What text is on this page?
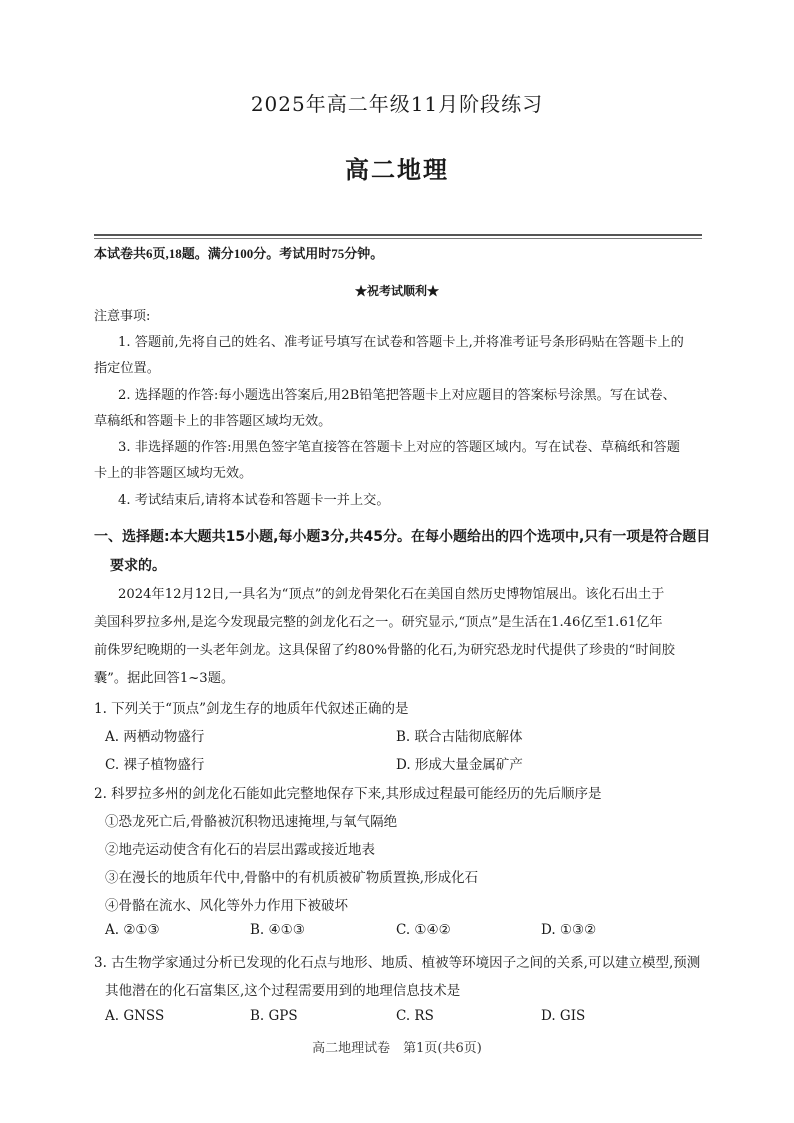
2025年高二年级11月阶段练习
高二地理
本试卷共6页,18题。满分100分。考试用时75分钟。
★祝考试顺利★
注意事项:
1. 答题前,先将自己的姓名、准考证号填写在试卷和答题卡上,并将准考证号条形码贴在答题卡上的
指定位置。
2. 选择题的作答:每小题选出答案后,用2B铅笔把答题卡上对应题目的答案标号涂黑。写在试卷、
草稿纸和答题卡上的非答题区域均无效。
3. 非选择题的作答:用黑色签字笔直接答在答题卡上对应的答题区域内。写在试卷、草稿纸和答题
卡上的非答题区域均无效。
4. 考试结束后,请将本试卷和答题卡一并上交。
一、选择题:本大题共15小题,每小题3分,共45分。在每小题给出的四个选项中,只有一项是符合题目
要求的。
2024年12月12日,一具名为“顶点”的剑龙骨架化石在美国自然历史博物馆展出。该化石出土于
美国科罗拉多州,是迄今发现最完整的剑龙化石之一。研究显示,“顶点”是生活在1.46亿至1.61亿年
前侏罗纪晚期的一头老年剑龙。这具保留了约80%骨骼的化石,为研究恐龙时代提供了珍贵的“时间胶
囊”。据此回答1~3题。
1. 下列关于“顶点”剑龙生存的地质年代叙述正确的是
A. 两栖动物盛行	B. 联合古陆彻底解体
C. 裸子植物盛行	D. 形成大量金属矿产
2. 科罗拉多州的剑龙化石能如此完整地保存下来,其形成过程最可能经历的先后顺序是
①恐龙死亡后,骨骼被沉积物迅速掩埋,与氧气隔绝
②地壳运动使含有化石的岩层出露或接近地表
③在漫长的地质年代中,骨骼中的有机质被矿物质置换,形成化石
④骨骼在流水、风化等外力作用下被破坏
A. ②①③	B. ④①③	C. ①④②	D. ①③②
3. 古生物学家通过分析已发现的化石点与地形、地质、植被等环境因子之间的关系,可以建立模型,预测
其他潜在的化石富集区,这个过程需要用到的地理信息技术是
A. GNSS	B. GPS	C. RS	D. GIS
高二地理试卷　第1页(共6页)
